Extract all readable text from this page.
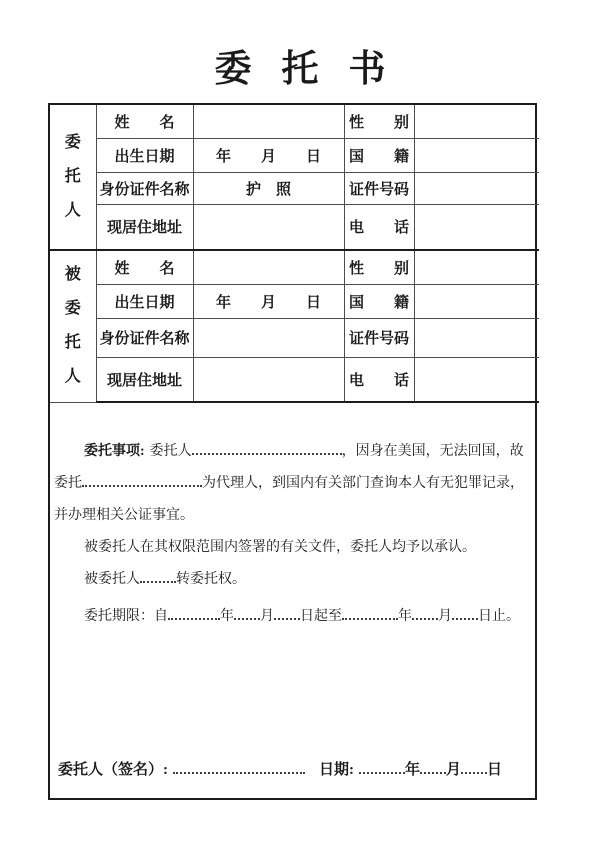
委托书
委托人	姓　　名		性　　别	
	出生日期	年　　月　　日	国　　籍	
	身份证件名称	护　照	证件号码	
	现居住地址		电　　话	
被委托人	姓　　名		性　　别	
	出生日期	年　　月　　日	国　　籍	
	身份证件名称		证件号码	
	现居住地址		电　　话	
委托事项: 委托人	，因身在美国，无法回国，故
委托	为代理人，到国内有关部门查询本人有无犯罪记录，
并办理相关公证事宜。
被委托人在其权限范围内签署的有关文件，委托人均予以承认。
被委托人	转委托权。
委托期限：自	年 月 日起至	年 月 日止。
委托人（签名）:	日期:	年 月 日
